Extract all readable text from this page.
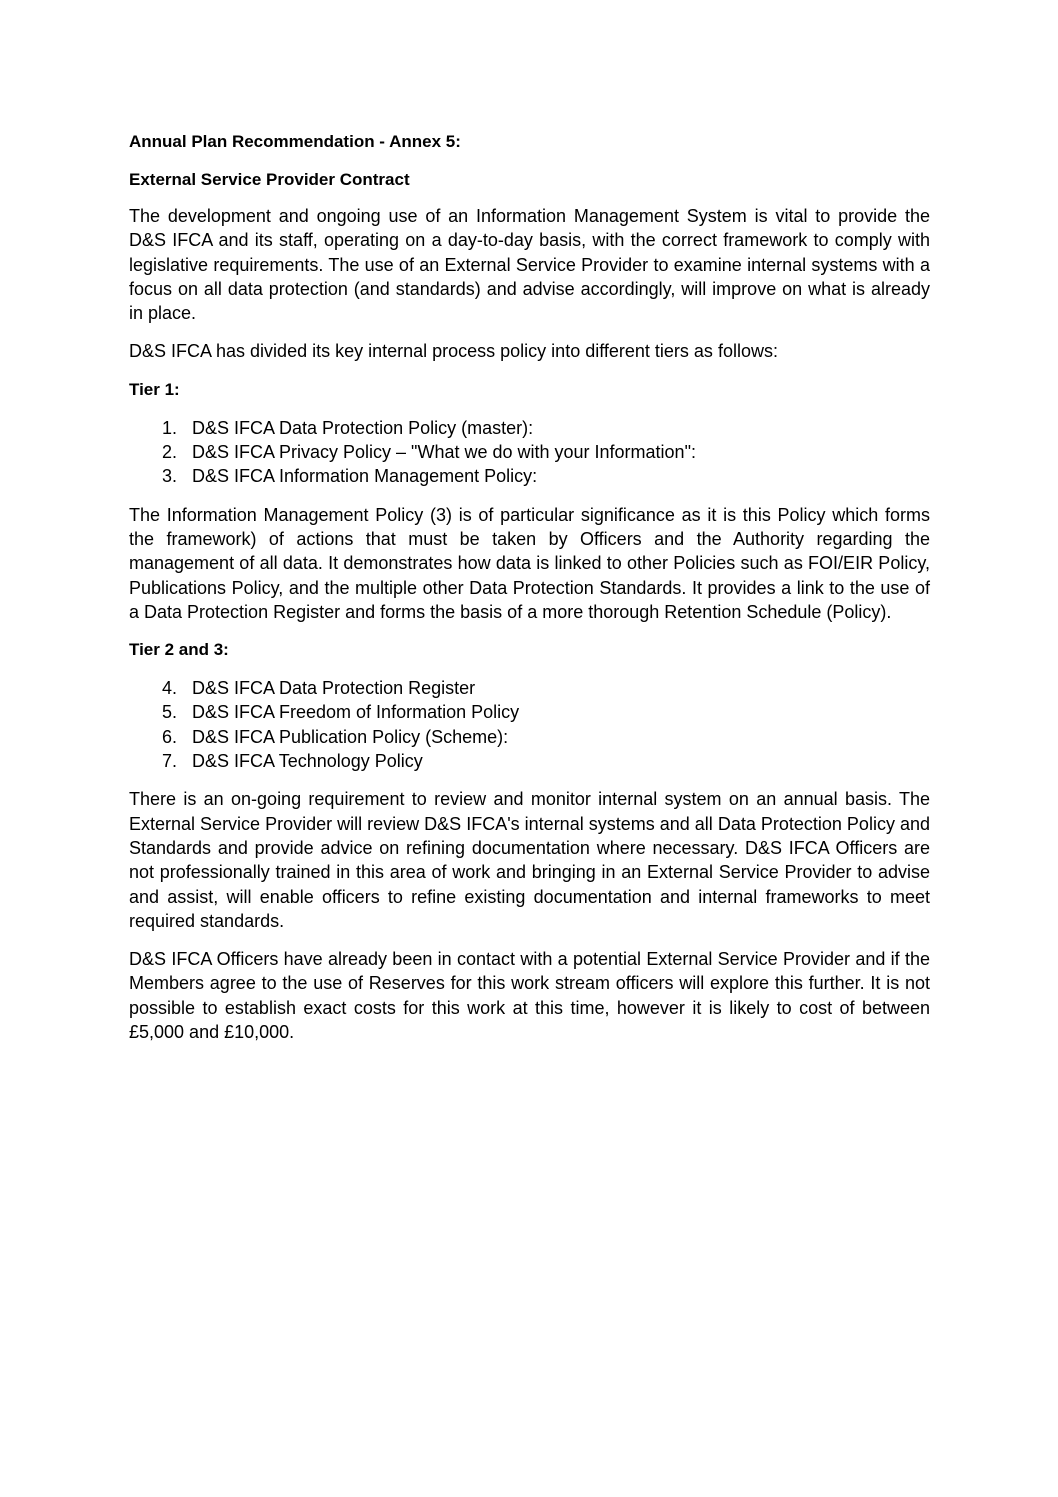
Annual Plan Recommendation - Annex 5:
External Service Provider Contract

The development and ongoing use of an Information Management System is vital to provide the D&S IFCA and its staff, operating on a day-to-day basis, with the correct framework to comply with legislative requirements. The use of an External Service Provider to examine internal systems with a focus on all data protection (and standards) and advise accordingly, will improve on what is already in place.

D&S IFCA has divided its key internal process policy into different tiers as follows:

Tier 1:
1. D&S IFCA Data Protection Policy (master):
2. D&S IFCA Privacy Policy – "What we do with your Information":
3. D&S IFCA Information Management Policy:

The Information Management Policy (3) is of particular significance as it is this Policy which forms the framework) of actions that must be taken by Officers and the Authority regarding the management of all data. It demonstrates how data is linked to other Policies such as FOI/EIR Policy, Publications Policy, and the multiple other Data Protection Standards. It provides a link to the use of a Data Protection Register and forms the basis of a more thorough Retention Schedule (Policy).

Tier 2 and 3:
4. D&S IFCA Data Protection Register
5. D&S IFCA Freedom of Information Policy
6. D&S IFCA Publication Policy (Scheme):
7. D&S IFCA Technology Policy

There is an on-going requirement to review and monitor internal system on an annual basis. The External Service Provider will review D&S IFCA's internal systems and all Data Protection Policy and Standards and provide advice on refining documentation where necessary. D&S IFCA Officers are not professionally trained in this area of work and bringing in an External Service Provider to advise and assist, will enable officers to refine existing documentation and internal frameworks to meet required standards.

D&S IFCA Officers have already been in contact with a potential External Service Provider and if the Members agree to the use of Reserves for this work stream officers will explore this further. It is not possible to establish exact costs for this work at this time, however it is likely to cost of between £5,000 and £10,000.
